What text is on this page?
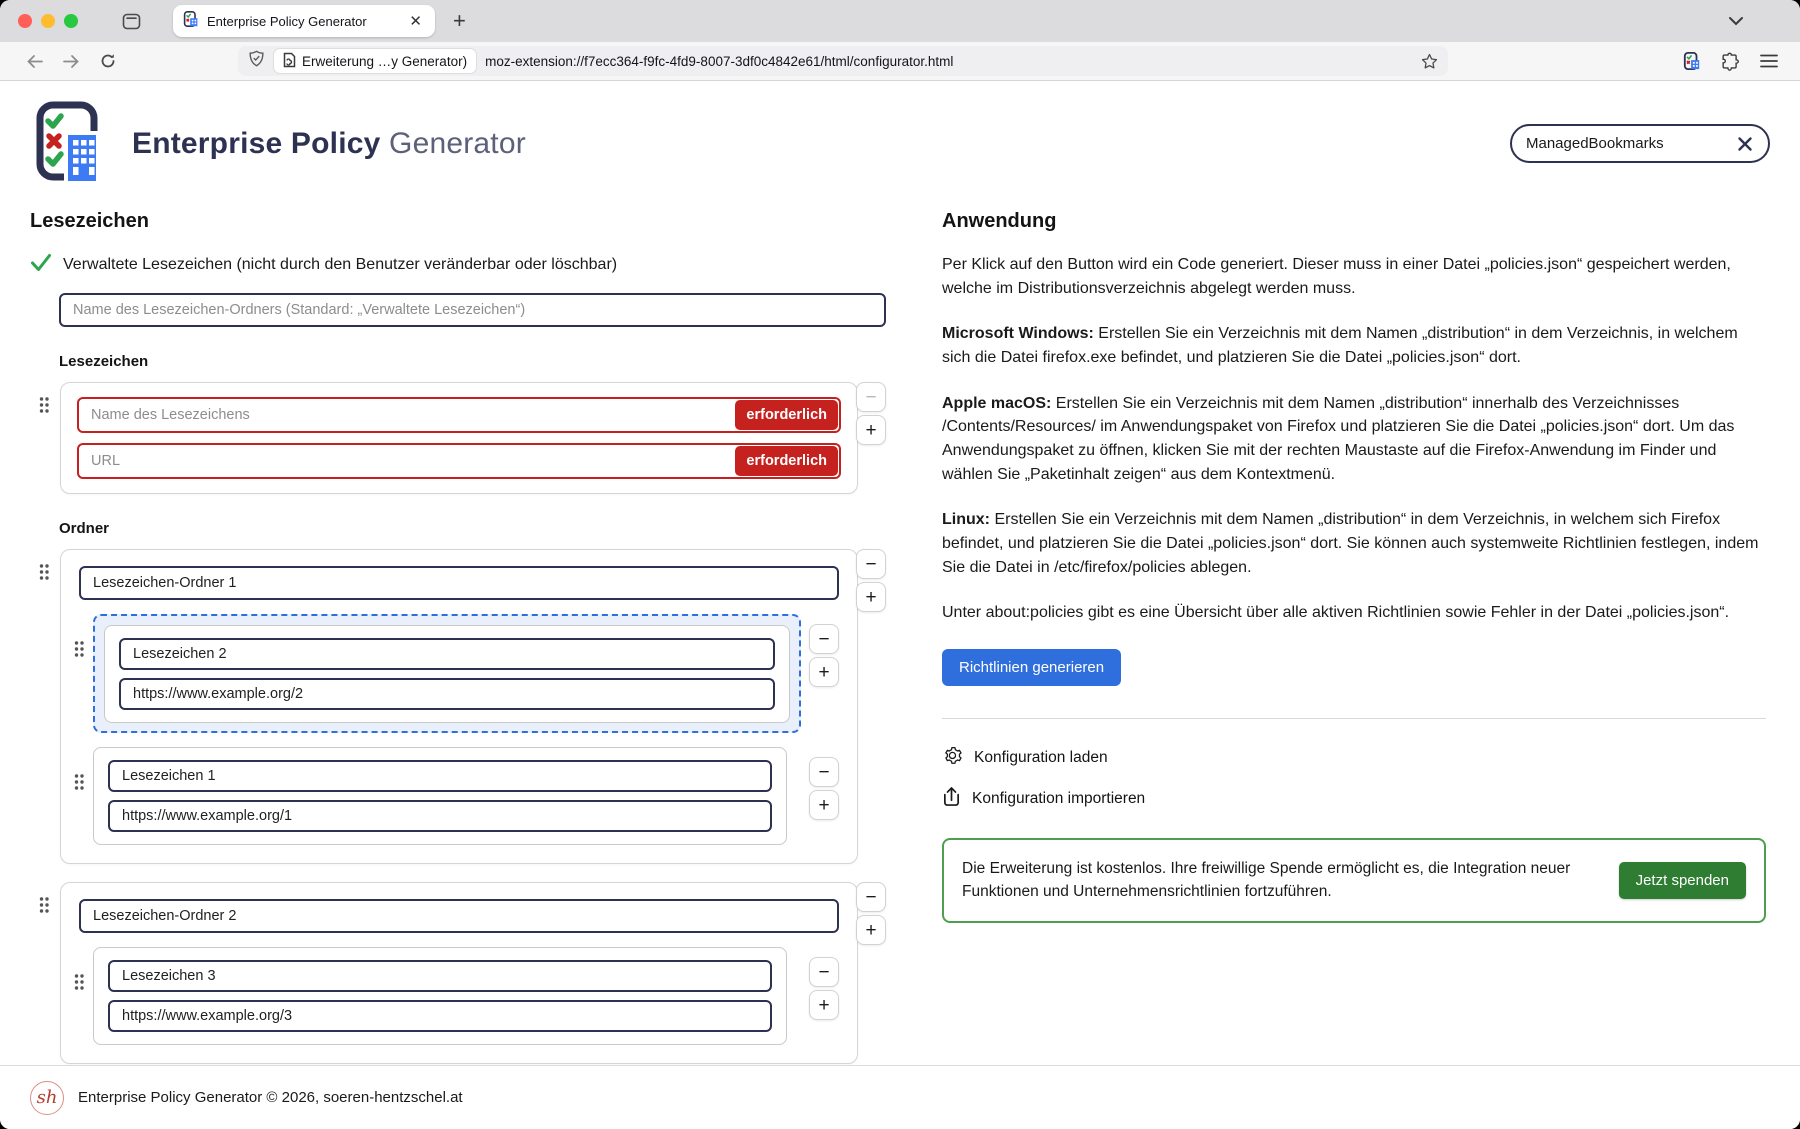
Enterprise Policy Generator	✕ +
Erweiterung …y Generator) moz-extension://f7ecc364-f9fc-4fd9-8007-3df0c4842e61/html/configurator.html
Enterprise Policy Generator
ManagedBookmarks
Lesezeichen
Verwaltete Lesezeichen (nicht durch den Benutzer veränderbar oder löschbar)
Name des Lesezeichen-Ordners (Standard: „Verwaltete Lesezeichen“)
Lesezeichen
Name des Lesezeichens
erforderlich
URL
erforderlich
−
+
Ordner
Lesezeichen-Ordner 1
Lesezeichen 2
https://www.example.org/2
−
+
Lesezeichen 1
https://www.example.org/1
−
+
−
+
Lesezeichen-Ordner 2
Lesezeichen 3
https://www.example.org/3
−
+
−
+
Anwendung

Per Klick auf den Button wird ein Code generiert. Dieser muss in einer Datei „policies.json“ gespeichert werden, welche im Distributionsverzeichnis abgelegt werden muss.

Microsoft Windows: Erstellen Sie ein Verzeichnis mit dem Namen „distribution“ in dem Verzeichnis, in welchem sich die Datei firefox.exe befindet, und platzieren Sie die Datei „policies.json“ dort.

Apple macOS: Erstellen Sie ein Verzeichnis mit dem Namen „distribution“ innerhalb des Verzeichnisses /Contents/Resources/ im Anwendungspaket von Firefox und platzieren Sie die Datei „policies.json“ dort. Um das Anwendungspaket zu öffnen, klicken Sie mit der rechten Maustaste auf die Firefox-Anwendung im Finder und wählen Sie „Paketinhalt zeigen“ aus dem Kontextmenü.

Linux: Erstellen Sie ein Verzeichnis mit dem Namen „distribution“ in dem Verzeichnis, in welchem sich Firefox befindet, und platzieren Sie die Datei „policies.json“ dort. Sie können auch systemweite Richtlinien festlegen, indem Sie die Datei in /etc/firefox/policies ablegen.

Unter about:policies gibt es eine Übersicht über alle aktiven Richtlinien sowie Fehler in der Datei „policies.json“.

Richtlinien generieren
Konfiguration laden
Konfiguration importieren

Die Erweiterung ist kostenlos. Ihre freiwillige Spende ermöglicht es, die Integration neuer Funktionen und Unternehmensrichtlinien fortzuführen.

Jetzt spenden
sh	Enterprise Policy Generator © 2026, soeren-hentzschel.at
